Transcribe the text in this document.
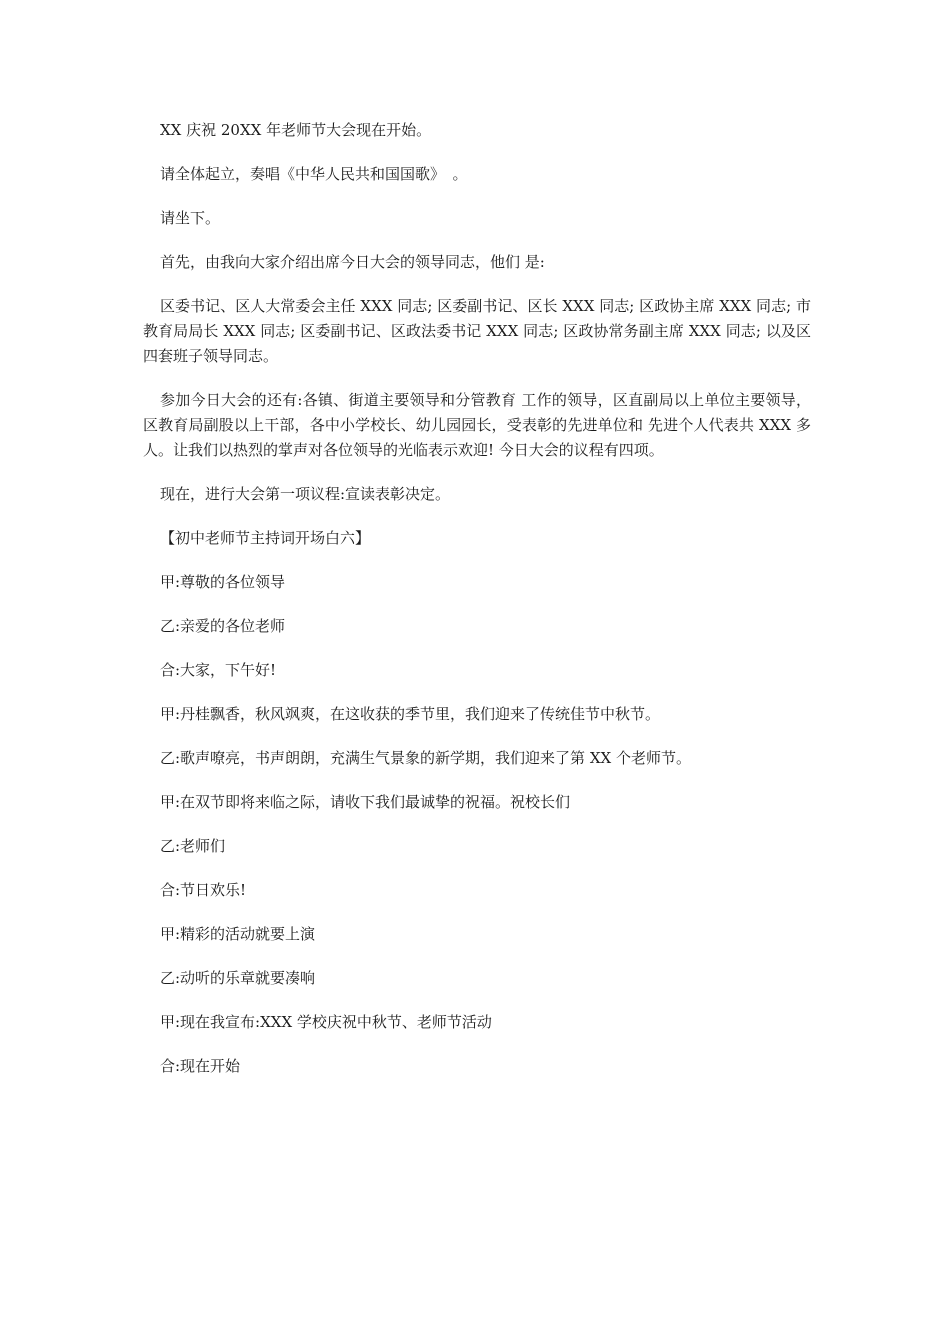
XX 庆祝 20XX 年老师节大会现在开始。

请全体起立，奏唱《中华人民共和国国歌》　。

请坐下。

首先，由我向大家介绍出席今日大会的领导同志，他们 是:

区委书记、区人大常委会主任 XXX 同志; 区委副书记、区长 XXX 同志; 区政协主席 XXX 同志; 市教育局局长 XXX 同志; 区委副书记、区政法委书记 XXX 同志; 区政协常务副主席 XXX 同志; 以及区四套班子领导同志。

参加今日大会的还有:各镇、街道主要领导和分管教育 工作的领导，区直副局以上单位主要领导，区教育局副股以上干部，各中小学校长、幼儿园园长，受表彰的先进单位和 先进个人代表共 XXX 多人。让我们以热烈的掌声对各位领导的光临表示欢迎! 今日大会的议程有四项。

现在，进行大会第一项议程:宣读表彰决定。

【初中老师节主持词开场白六】

甲:尊敬的各位领导

乙:亲爱的各位老师

合:大家，下午好!

甲:丹桂飘香，秋风飒爽，在这收获的季节里，我们迎来了传统佳节中秋节。

乙:歌声嘹亮，书声朗朗，充满生气景象的新学期，我们迎来了第 XX 个老师节。

甲:在双节即将来临之际，请收下我们最诚挚的祝福。祝校长们

乙:老师们

合:节日欢乐!

甲:精彩的活动就要上演

乙:动听的乐章就要凑响

甲:现在我宣布:XXX 学校庆祝中秋节、老师节活动

合:现在开始
